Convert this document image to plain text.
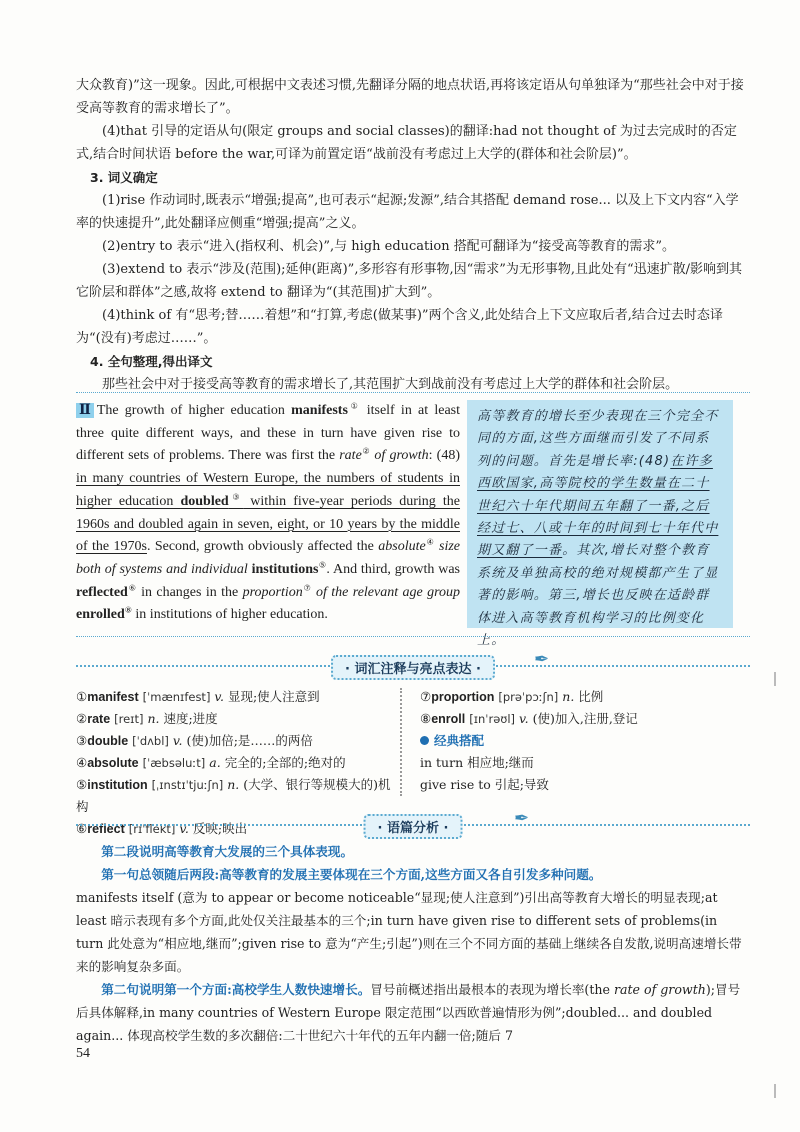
大众教育)”这一现象。因此,可根据中文表述习惯,先翻译分隔的地点状语,再将该定语从句单独译为“那些社会中对于接受高等教育的需求增长了”。

(4)that 引导的定语从句(限定 groups and social classes)的翻译:had not thought of 为过去完成时的否定式,结合时间状语 before the war,可译为前置定语“战前没有考虑过上大学的(群体和社会阶层)”。

3. 词义确定

(1)rise 作动词时,既表示“增强;提高”,也可表示“起源;发源”,结合其搭配 demand rose... 以及上下文内容“入学率的快速提升”,此处翻译应侧重“增强;提高”之义。

(2)entry to 表示“进入(指权利、机会)”,与 high education 搭配可翻译为“接受高等教育的需求”。

(3)extend to 表示“涉及(范围);延伸(距离)”,多形容有形事物,因“需求”为无形事物,且此处有“迅速扩散/影响到其它阶层和群体”之感,故将 extend to 翻译为“(其范围)扩大到”。

(4)think of 有“思考;替……着想”和“打算,考虑(做某事)”两个含义,此处结合上下文应取后者,结合过去时态译为“(没有)考虑过……”。

4. 全句整理,得出译文

那些社会中对于接受高等教育的需求增长了,其范围扩大到战前没有考虑过上大学的群体和社会阶层。

Ⅱ The growth of higher education manifests① itself in at least three quite different ways, and these in turn have given rise to different sets of problems. There was first the rate② of growth: (48) in many countries of Western Europe, the numbers of students in higher education doubled③ within five-year periods during the 1960s and doubled again in seven, eight, or 10 years by the middle of the 1970s. Second, growth obviously affected the absolute④ size both of systems and individual institutions⑤. And third, growth was reflected⑥ in changes in the proportion⑦ of the relevant age group enrolled⑧ in institutions of higher education.
高等教育的增长至少表现在三个完全不同的方面,这些方面继而引发了不同系列的问题。首先是增长率:(48)在许多西欧国家,高等院校的学生数量在二十世纪六十年代期间五年翻了一番,之后经过七、八或十年的时间到七十年代中期又翻了一番。其次,增长对整个教育系统及单独高校的绝对规模都产生了显著的影响。第三,增长也反映在适龄群体进入高等教育机构学习的比例变化上。
· 词汇注释与亮点表达 ·	✒
①manifest [ˈmænɪfest] v. 显现;使人注意到
②rate [reɪt] n. 速度;进度
③double [ˈdʌbl] v. (使)加倍;是……的两倍
④absolute [ˈæbsəluːt] a. 完全的;全部的;绝对的
⑤institution [ˌɪnstɪˈtjuːʃn] n. (大学、银行等规模大的)机构
⑥reflect [rɪˈflekt] v. 反映;映出
⑦proportion [prəˈpɔːʃn] n. 比例
⑧enroll [ɪnˈrəʊl] v. (使)加入,注册,登记
经典搭配
in turn 相应地;继而
give rise to 引起;导致
· 语篇分析 ·	✒

第二段说明高等教育大发展的三个具体表现。

第一句总领随后两段:高等教育的发展主要体现在三个方面,这些方面又各自引发多种问题。

manifests itself (意为 to appear or become noticeable“显现;使人注意到”)引出高等教育大增长的明显表现;at least 暗示表现有多个方面,此处仅关注最基本的三个;in turn have given rise to different sets of problems(in turn 此处意为“相应地,继而”;given rise to 意为“产生;引起”)则在三个不同方面的基础上继续各自发散,说明高速增长带来的影响复杂多面。

第二句说明第一个方面:高校学生人数快速增长。冒号前概述指出最根本的表现为增长率(the rate of growth);冒号后具体解释,in many countries of Western Europe 限定范围“以西欧普遍情形为例”;doubled... and doubled again... 体现高校学生数的多次翻倍:二十世纪六十年代的五年内翻一倍;随后 7

54
